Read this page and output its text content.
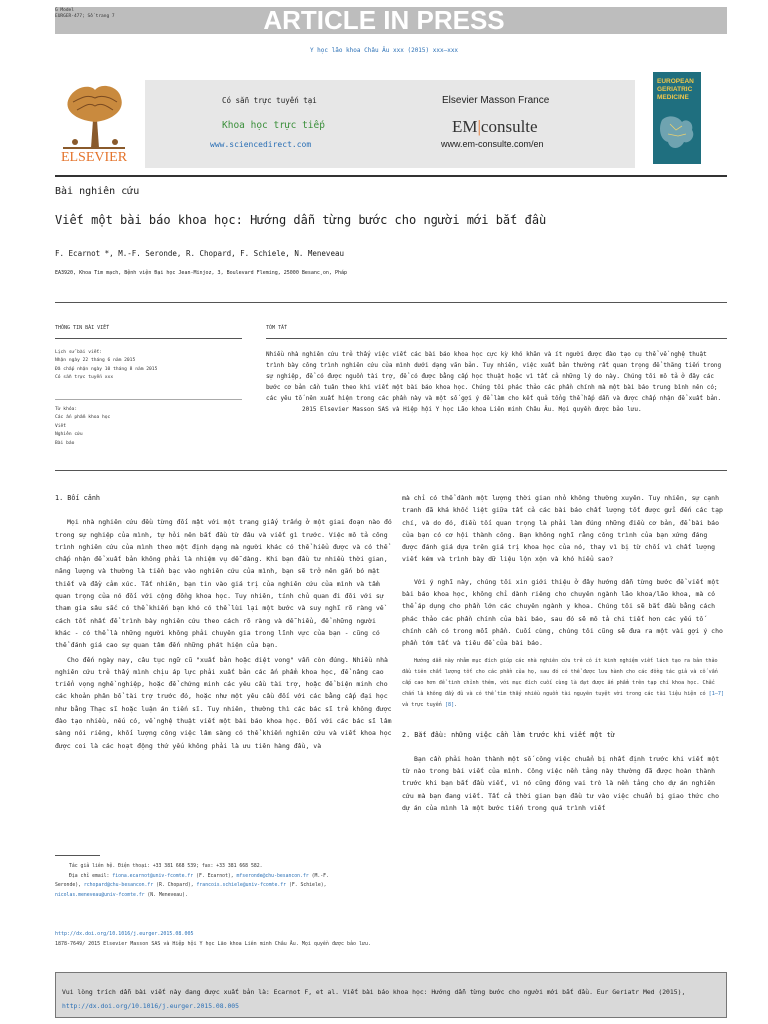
G Model
EURGER-477; Số trang 7	ARTICLE IN PRESS
Y học lão khoa Châu Âu xxx (2015) xxx–xxx
ELSEVIER
Có sẵn trực tuyến tại
Khoa học trực tiếp
www.sciencedirect.com
Elsevier Masson France
EM|consulte
www.em-consulte.com/en
EUROPEAN GERIATRIC MEDICINE
Bài nghiên cứu
Viết một bài báo khoa học: Hướng dẫn từng bước cho người mới bắt đầu
F. Ecarnot *, M.-F. Seronde, R. Chopard, F. Schiele, N. Meneveau
EA3920, Khoa Tim mạch, Bệnh viện Đại học Jean-Minjoz, 3, Boulevard Fleming, 25000 Besanc¸on, Pháp
THÔNG TIN BÀI VIẾT
Lịch sử bài viết:
Nhận ngày 22 tháng 6 năm 2015
Đã chấp nhận ngày 10 tháng 8 năm 2015
Có sẵn trực tuyến xxx
Từ khóa:
Các ấn phẩm khoa học
Viết
Nghiên cứu
Bài báo
TÓM TẮT
Nhiều nhà nghiên cứu trẻ thấy việc viết các bài báo khoa học cực kỳ khó khăn và ít người được đào tạo cụ thể về nghệ thuật trình bày công trình nghiên cứu của mình dưới dạng văn bản. Tuy nhiên, việc xuất bản thường rất quan trọng để thăng tiến trong sự nghiệp, để có được nguồn tài trợ, để có được bằng cấp học thuật hoặc vì tất cả những lý do này. Chúng tôi mô tả ở đây các bước cơ bản cần tuân theo khi viết một bài báo khoa học. Chúng tôi phác thảo các phần chính mà một bài báo trung bình nên có; các yêu tố nên xuất hiện trong các phần này và một số gợi ý để làm cho kết quả tổng thể hấp dẫn và được chấp nhận để xuất bản.
2015 Elsevier Masson SAS và Hiệp hội Y học Lão khoa Liên minh Châu Âu. Mọi quyền được bảo lưu.

1. Bối cảnh

Mọi nhà nghiên cứu đều từng đối mặt với một trang giấy trắng ở một giai đoạn nào đó trong sự nghiệp của mình, tự hỏi nên bắt đầu từ đâu và viết gì trước. Việc mô tả công trình nghiên cứu của mình theo một định dạng mà người khác có thể hiểu được và có thể chấp nhận để xuất bản không phải là nhiệm vụ dễ dàng. Khi bạn đầu tư nhiều thời gian, năng lượng và thường là tiền bạc vào nghiên cứu của mình, bạn sẽ trở nên gắn bó mật thiết và đầy cảm xúc. Tất nhiên, bạn tin vào giá trị của nghiên cứu của mình và tầm quan trọng của nó đối với cộng đồng khoa học. Tuy nhiên, tính chủ quan đi đôi với sự tham gia sâu sắc có thể khiến bạn khó có thể lùi lại một bước và suy nghĩ rõ ràng về cách tốt nhất để trình bày nghiên cứu theo cách rõ ràng và dễ hiểu, để những người khác - có thể là những người không phải chuyên gia trong lĩnh vực của bạn - cũng có thể đánh giá cao sự quan tâm đến những phát hiện của bạn.

Cho đến ngày nay, câu tục ngữ cũ "xuất bản hoặc diệt vong" vẫn còn đúng. Nhiều nhà nghiên cứu trẻ thấy mình chịu áp lực phải xuất bản các ấn phẩm khoa học, để nâng cao triển vọng nghề nghiệp, hoặc để chứng minh các yêu cầu tài trợ, hoặc để biện minh cho các khoản phân bổ tài trợ trước đó, hoặc như một yêu cầu đối với các bằng cấp đại học như bằng Thạc sĩ hoặc luận án tiến sĩ. Tuy nhiên, thường thì các bác sĩ trẻ không được đào tạo nhiều, nếu có, về nghệ thuật viết một bài báo khoa học. Đối với các bác sĩ lâm sàng nói riêng, khối lượng công việc lâm sàng có thể khiến nghiên cứu và viết khoa học được coi là các hoạt động thứ yếu không phải là ưu tiên hàng đầu, và

Tác giả liên hệ. Điện thoại: +33 381 668 539; fax: +33 381 668 582.
Địa chỉ email: fiona.ecarnot@univ-fcomte.fr (F. Ecarnot), mfseronde@chu-besancon.fr (M.-F. Seronde), rchopard@chu-besancon.fr (R. Chopard), francois.schiele@univ-fcomte.fr (F. Schiele), nicolas.meneveau@univ-fcomte.fr (N. Meneveau).
http://dx.doi.org/10.1016/j.eurger.2015.08.005
1878-7649/ 2015 Elsevier Masson SAS và Hiệp hội Y học Lão khoa Liên minh Châu Âu. Mọi quyền được bảo lưu.

mà chỉ có thể dành một lượng thời gian nhỏ không thường xuyên. Tuy nhiên, sự cạnh tranh đã khá khốc liệt giữa tất cả các bài báo chất lượng tốt được gửi đến các tạp chí, và do đó, điều tối quan trọng là phải làm đúng những điều cơ bản, để bài báo của bạn có cơ hội thành công. Bạn không nghĩ rằng công trình của bạn xứng đáng được đánh giá dựa trên giá trị khoa học của nó, thay vì bị từ chối vì chất lượng viết kém và trình bày dữ liệu lộn xộn và khó hiểu sao?

Với ý nghĩ này, chúng tôi xin giới thiệu ở đây hướng dẫn từng bước để viết một bài báo khoa học, không chỉ dành riêng cho chuyên ngành lão khoa/lão khoa, mà có thể áp dụng cho phần lớn các chuyên ngành y khoa. Chúng tôi sẽ bắt đầu bằng cách phác thảo các phần chính của bài báo, sau đó sẽ mô tả chi tiết hơn các yếu tố chính cần có trong mỗi phần. Cuối cùng, chúng tôi cũng sẽ đưa ra một vài gợi ý cho phần tóm tắt và tiêu đề của bài báo.

Hướng dẫn này nhằm mục đích giúp các nhà nghiên cứu trẻ có ít kinh nghiệm viết lách tạo ra bản thảo đầu tiên chất lượng tốt cho các phần của họ, sau đó có thể được lưu hành cho các đồng tác giả và cố vấn cấp cao hơn để tinh chỉnh thêm, với mục đích cuối cùng là đạt được ấn phẩm trên tạp chí khoa học. Chắc chắn là không đầy đủ và có thể tìm thấy nhiều nguồn tài nguyên tuyệt vời trong các tài liệu hiện có [1–7] và trực tuyến [8].

2. Bắt đầu: những việc cần làm trước khi viết một từ

Bạn cần phải hoàn thành một số công việc chuẩn bị nhất định trước khi viết một từ nào trong bài viết của mình. Công việc nền tảng này thường đã được hoàn thành trước khi bạn bắt đầu viết, vì nó cũng đóng vai trò là nền tảng cho dự án nghiên cứu mà bạn đang viết. Tất cả thời gian bạn đầu tư vào việc chuẩn bị giao thức cho dự án của mình là một bước tiến trong quá trình viết

Vui lòng trích dẫn bài viết này đang được xuất bản là: Ecarnot F, et al. Viết bài báo khoa học: Hướng dẫn từng bước cho người mới bắt đầu. Eur Geriatr Med (2015), http://dx.doi.org/10.1016/j.eurger.2015.08.005
